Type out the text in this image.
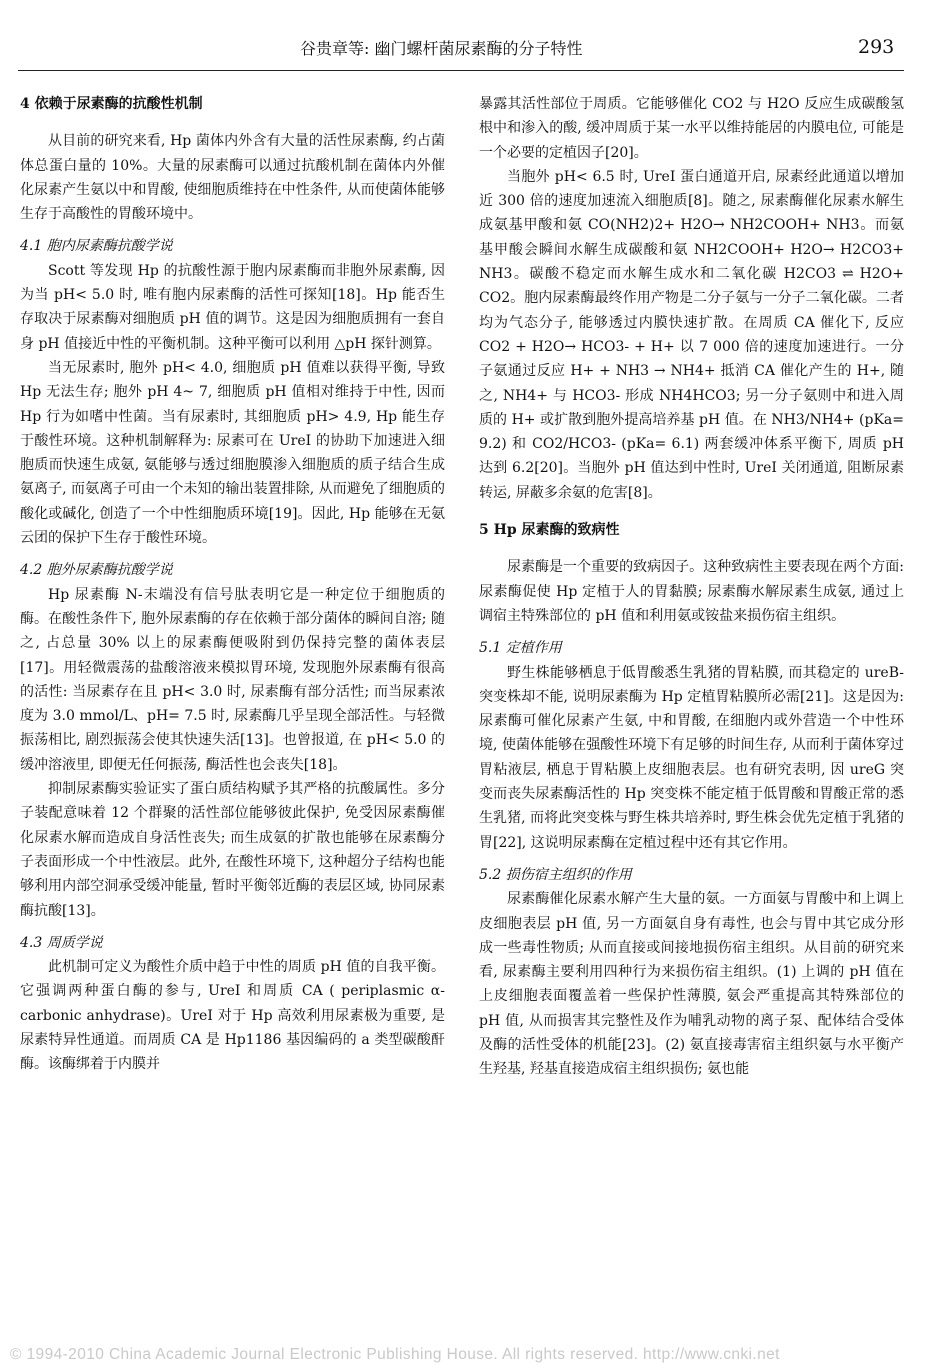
谷贵章等: 幽门螺杆菌尿素酶的分子特性	293

4 依赖于尿素酶的抗酸性机制

从目前的研究来看, Hp 菌体内外含有大量的活性尿素酶, 约占菌体总蛋白量的 10%。大量的尿素酶可以通过抗酸机制在菌体内外催化尿素产生氨以中和胃酸, 使细胞质维持在中性条件, 从而使菌体能够生存于高酸性的胃酸环境中。

4.1 胞内尿素酶抗酸学说

Scott 等发现 Hp 的抗酸性源于胞内尿素酶而非胞外尿素酶, 因为当 pH< 5.0 时, 唯有胞内尿素酶的活性可探知[18]。Hp 能否生存取决于尿素酶对细胞质 pH 值的调节。这是因为细胞质拥有一套自身 pH 值接近中性的平衡机制。这种平衡可以利用 △pH 探针测算。

当无尿素时, 胞外 pH< 4.0, 细胞质 pH 值难以获得平衡, 导致 Hp 无法生存; 胞外 pH 4~ 7, 细胞质 pH 值相对维持于中性, 因而 Hp 行为如嗜中性菌。当有尿素时, 其细胞质 pH> 4.9, Hp 能生存于酸性环境。这种机制解释为: 尿素可在 UreI 的协助下加速进入细胞质而快速生成氨, 氨能够与透过细胞膜渗入细胞质的质子结合生成氨离子, 而氨离子可由一个未知的输出装置排除, 从而避免了细胞质的酸化或碱化, 创造了一个中性细胞质环境[19]。因此, Hp 能够在无氨云团的保护下生存于酸性环境。

4.2 胞外尿素酶抗酸学说

Hp 尿素酶 N-末端没有信号肽表明它是一种定位于细胞质的酶。在酸性条件下, 胞外尿素酶的存在依赖于部分菌体的瞬间自溶; 随之, 占总量 30% 以上的尿素酶便吸附到仍保持完整的菌体表层[17]。用轻微震荡的盐酸溶液来模拟胃环境, 发现胞外尿素酶有很高的活性: 当尿素存在且 pH< 3.0 时, 尿素酶有部分活性; 而当尿素浓度为 3.0 mmol/L、pH= 7.5 时, 尿素酶几乎呈现全部活性。与轻微振荡相比, 剧烈振荡会使其快速失活[13]。也曾报道, 在 pH< 5.0 的缓冲溶液里, 即便无任何振荡, 酶活性也会丧失[18]。

抑制尿素酶实验证实了蛋白质结构赋予其严格的抗酸属性。多分子装配意味着 12 个群聚的活性部位能够彼此保护, 免受因尿素酶催化尿素水解而造成自身活性丧失; 而生成氨的扩散也能够在尿素酶分子表面形成一个中性液层。此外, 在酸性环境下, 这种超分子结构也能够利用内部空洞承受缓冲能量, 暂时平衡邻近酶的表层区域, 协同尿素酶抗酸[13]。

4.3 周质学说

此机制可定义为酸性介质中趋于中性的周质 pH 值的自我平衡。它强调两种蛋白酶的参与, UreI 和周质 CA ( periplasmic α-carbonic anhydrase)。UreI 对于 Hp 高效利用尿素极为重要, 是尿素特异性通道。而周质 CA 是 Hp1186 基因编码的 a 类型碳酸酐酶。该酶绑着于内膜并

暴露其活性部位于周质。它能够催化 CO2 与 H2O 反应生成碳酸氢根中和渗入的酸, 缓冲周质于某一水平以维持能居的内膜电位, 可能是一个必要的定植因子[20]。

当胞外 pH< 6.5 时, UreI 蛋白通道开启, 尿素经此通道以增加近 300 倍的速度加速流入细胞质[8]。随之, 尿素酶催化尿素水解生成氨基甲酸和氨 CO(NH2)2+ H2O→ NH2COOH+ NH3。而氨基甲酸会瞬间水解生成碳酸和氨 NH2COOH+ H2O→ H2CO3+ NH3。碳酸不稳定而水解生成水和二氧化碳 H2CO3 ⇌ H2O+ CO2。胞内尿素酶最终作用产物是二分子氨与一分子二氧化碳。二者均为气态分子, 能够透过内膜快速扩散。在周质 CA 催化下, 反应 CO2 + H2O→ HCO3- + H+ 以 7 000 倍的速度加速进行。一分子氨通过反应 H+ + NH3 → NH4+ 抵消 CA 催化产生的 H+, 随之, NH4+ 与 HCO3- 形成 NH4HCO3; 另一分子氨则中和进入周质的 H+ 或扩散到胞外提高培养基 pH 值。在 NH3/NH4+ (pKa= 9.2) 和 CO2/HCO3- (pKa= 6.1) 两套缓冲体系平衡下, 周质 pH 达到 6.2[20]。当胞外 pH 值达到中性时, UreI 关闭通道, 阻断尿素转运, 屏蔽多余氨的危害[8]。

5 Hp 尿素酶的致病性

尿素酶是一个重要的致病因子。这种致病性主要表现在两个方面: 尿素酶促使 Hp 定植于人的胃黏膜; 尿素酶水解尿素生成氨, 通过上调宿主特殊部位的 pH 值和利用氨或铵盐来损伤宿主组织。

5.1 定植作用

野生株能够栖息于低胃酸悉生乳猪的胃粘膜, 而其稳定的 ureB- 突变株却不能, 说明尿素酶为 Hp 定植胃粘膜所必需[21]。这是因为: 尿素酶可催化尿素产生氨, 中和胃酸, 在细胞内或外营造一个中性环境, 使菌体能够在强酸性环境下有足够的时间生存, 从而利于菌体穿过胃粘液层, 栖息于胃粘膜上皮细胞表层。也有研究表明, 因 ureG 突变而丧失尿素酶活性的 Hp 突变株不能定植于低胃酸和胃酸正常的悉生乳猪, 而将此突变株与野生株共培养时, 野生株会优先定植于乳猪的胃[22], 这说明尿素酶在定植过程中还有其它作用。

5.2 损伤宿主组织的作用

尿素酶催化尿素水解产生大量的氨。一方面氨与胃酸中和上调上皮细胞表层 pH 值, 另一方面氨自身有毒性, 也会与胃中其它成分形成一些毒性物质; 从而直接或间接地损伤宿主组织。从目前的研究来看, 尿素酶主要利用四种行为来损伤宿主组织。(1) 上调的 pH 值在上皮细胞表面覆盖着一些保护性薄膜, 氨会严重提高其特殊部位的 pH 值, 从而损害其完整性及作为哺乳动物的离子泵、配体结合受体及酶的活性受体的机能[23]。(2) 氨直接毒害宿主组织氨与水平衡产生羟基, 羟基直接造成宿主组织损伤; 氨也能

© 1994-2010 China Academic Journal Electronic Publishing House. All rights reserved. http://www.cnki.net
